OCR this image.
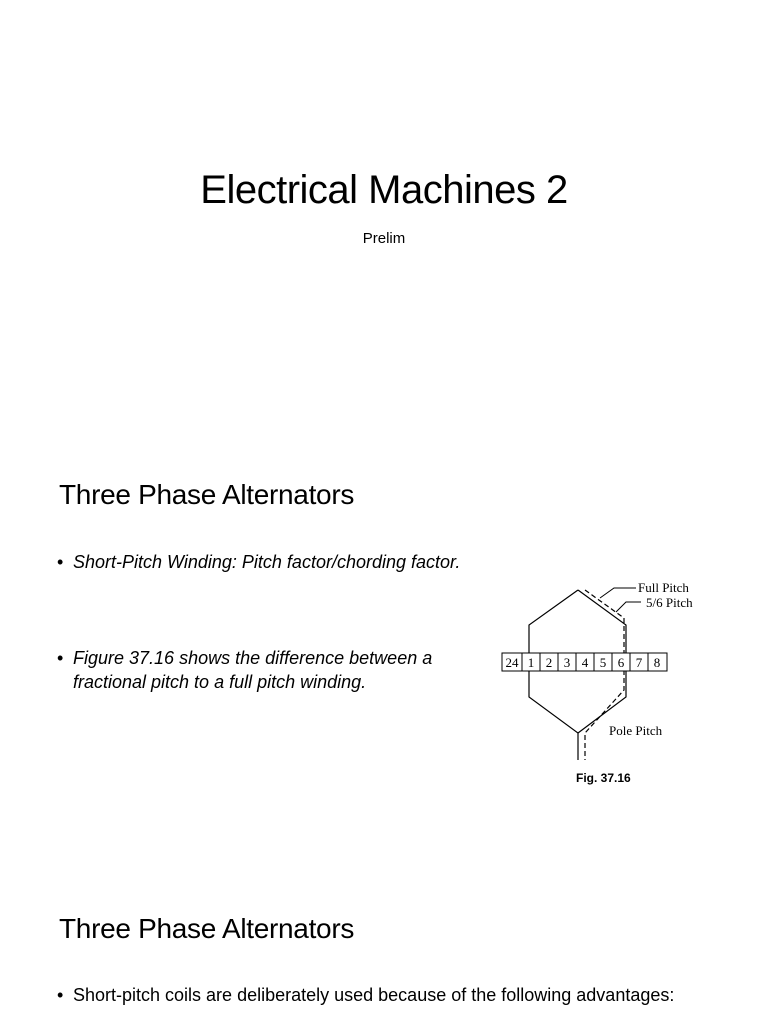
Electrical Machines 2

Prelim

Three Phase Alternators
• Short-Pitch Winding: Pitch factor/chording factor.
• Figure 37.16 shows the difference between a fractional pitch to a full pitch winding.
24 1 2 3 4 5 6 7 8
Full Pitch
5/6 Pitch
Pole Pitch

Fig. 37.16

Three Phase Alternators
• Short-pitch coils are deliberately used because of the following advantages:
